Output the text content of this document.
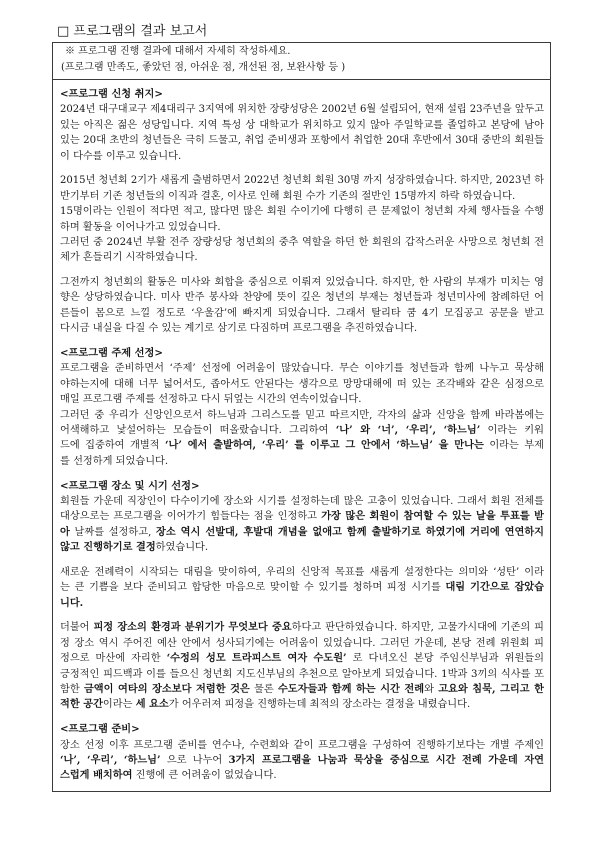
□ 프로그램의 결과 보고서
※ 프로그램 진행 결과에 대해서 자세히 작성하세요.
(프로그램 만족도, 좋았던 점, 아쉬운 점, 개선된 점, 보완사항 등 )
<프로그램 신청 취지>
2024년 대구대교구 제4대리구 3지역에 위치한 장량성당은 2002년 6월 설립되어, 현재 설립 23주년을 앞두고
있는 아직은 젊은 성당입니다. 지역 특성 상 대학교가 위치하고 있지 않아 주일학교를 졸업하고 본당에 남아
있는 20대 초반의 청년들은 극히 드물고, 취업 준비생과 포항에서 취업한 20대 후반에서 30대 중반의 회원들
이 다수를 이루고 있습니다.
2015년 청년회 2기가 새롭게 출범하면서 2022년 청년회 회원 30명 까지 성장하였습니다. 하지만, 2023년 하
반기부터 기존 청년들의 이직과 결혼, 이사로 인해 회원 수가 기존의 절반인 15명까지 하락 하였습니다.
15명이라는 인원이 적다면 적고, 많다면 많은 회원 수이기에 다행히 큰 문제없이 청년회 자체 행사들을 수행
하며 활동을 이어나가고 있었습니다.
그러던 중 2024년 부활 전주 장량성당 청년회의 중추 역할을 하던 한 회원의 갑작스러운 사망으로 청년회 전
체가 흔들리기 시작하였습니다.
그전까지 청년회의 활동은 미사와 회합을 중심으로 이뤄져 있었습니다. 하지만, 한 사람의 부재가 미치는 영
향은 상당하였습니다. 미사 반주 봉사와 찬양에 뜻이 깊은 청년의 부재는 청년들과 청년미사에 참례하던 어
른들이 몸으로 느낄 정도로 ‘우울감’에 빠지게 되었습니다. 그래서 탈리타 쿰 4기 모집공고 공문을 받고
다시금 내실을 다질 수 있는 계기로 삼기로 다짐하며 프로그램을 추진하였습니다.
<프로그램 주제 선정>
프로그램을 준비하면서 ‘주제’ 선정에 어려움이 많았습니다. 무슨 이야기를 청년들과 함께 나누고 묵상해
야하는지에 대해 너무 넓어서도, 좁아서도 안된다는 생각으로 망망대해에 떠 있는 조각배와 같은 심정으로
매일 프로그램 주제를 선정하고 다시 뒤엎는 시간의 연속이었습니다.
그러던 중 우리가 신앙인으로서 하느님과 그리스도를 믿고 따르지만, 각자의 삶과 신앙을 함께 바라봄에는
어색해하고 낯설어하는 모습들이 떠올랐습니다. 그리하여 ‘나’ 와 ‘너’, ‘우리’, ‘하느님’ 이라는 키워
드에 집중하여 개별적 ‘나’ 에서 출발하여, ‘우리’ 를 이루고 그 안에서 ‘하느님’ 을 만나는 이라는 부제
를 선정하게 되었습니다.
<프로그램 장소 및 시기 선정>
회원들 가운데 직장인이 다수이기에 장소와 시기를 설정하는데 많은 고충이 있었습니다. 그래서 회원 전체를
대상으로는 프로그램을 이어가기 힘들다는 점을 인정하고 가장 많은 회원이 참여할 수 있는 날을 투표를 받
아 날짜를 설정하고, 장소 역시 선발대, 후발대 개념을 없애고 함께 출발하기로 하였기에 거리에 연연하지
않고 진행하기로 결정하였습니다.
새로운 전례력이 시작되는 대림을 맞이하여, 우리의 신앙적 목표를 새롭게 설정한다는 의미와 ‘성탄’ 이라
는 큰 기쁨을 보다 준비되고 합당한 마음으로 맞이할 수 있기를 청하며 피정 시기를 대림 기간으로 잡았습
니다.
더불어 피정 장소의 환경과 분위기가 무엇보다 중요하다고 판단하였습니다. 하지만, 고물가시대에 기존의 피
정 장소 역시 주어진 예산 안에서 성사되기에는 어려움이 있었습니다. 그러던 가운데, 본당 전례 위원회 피
정으로 마산에 자리한 ‘수정의 성모 트라피스트 여자 수도원’ 로 다녀오신 본당 주임신부님과 위원들의
긍정적인 피드백과 이를 들으신 청년회 지도신부님의 추천으로 알아보게 되었습니다. 1박과 3끼의 식사를 포
함한 금액이 여타의 장소보다 저렴한 것은 물론 수도자들과 함께 하는 시간 전례와 고요와 침묵, 그리고 한
적한 공간이라는 세 요소가 어우러져 피정을 진행하는데 최적의 장소라는 결정을 내렸습니다.
<프로그램 준비>
장소 선정 이후 프로그램 준비를 연수나, 수련회와 같이 프로그램을 구성하여 진행하기보다는 개별 주제인
‘나’, ‘우리’, ‘하느님’ 으로 나누어 3가지 프로그램을 나눔과 묵상을 중심으로 시간 전례 가운데 자연
스럽게 배치하여 진행에 큰 어려움이 없었습니다.
